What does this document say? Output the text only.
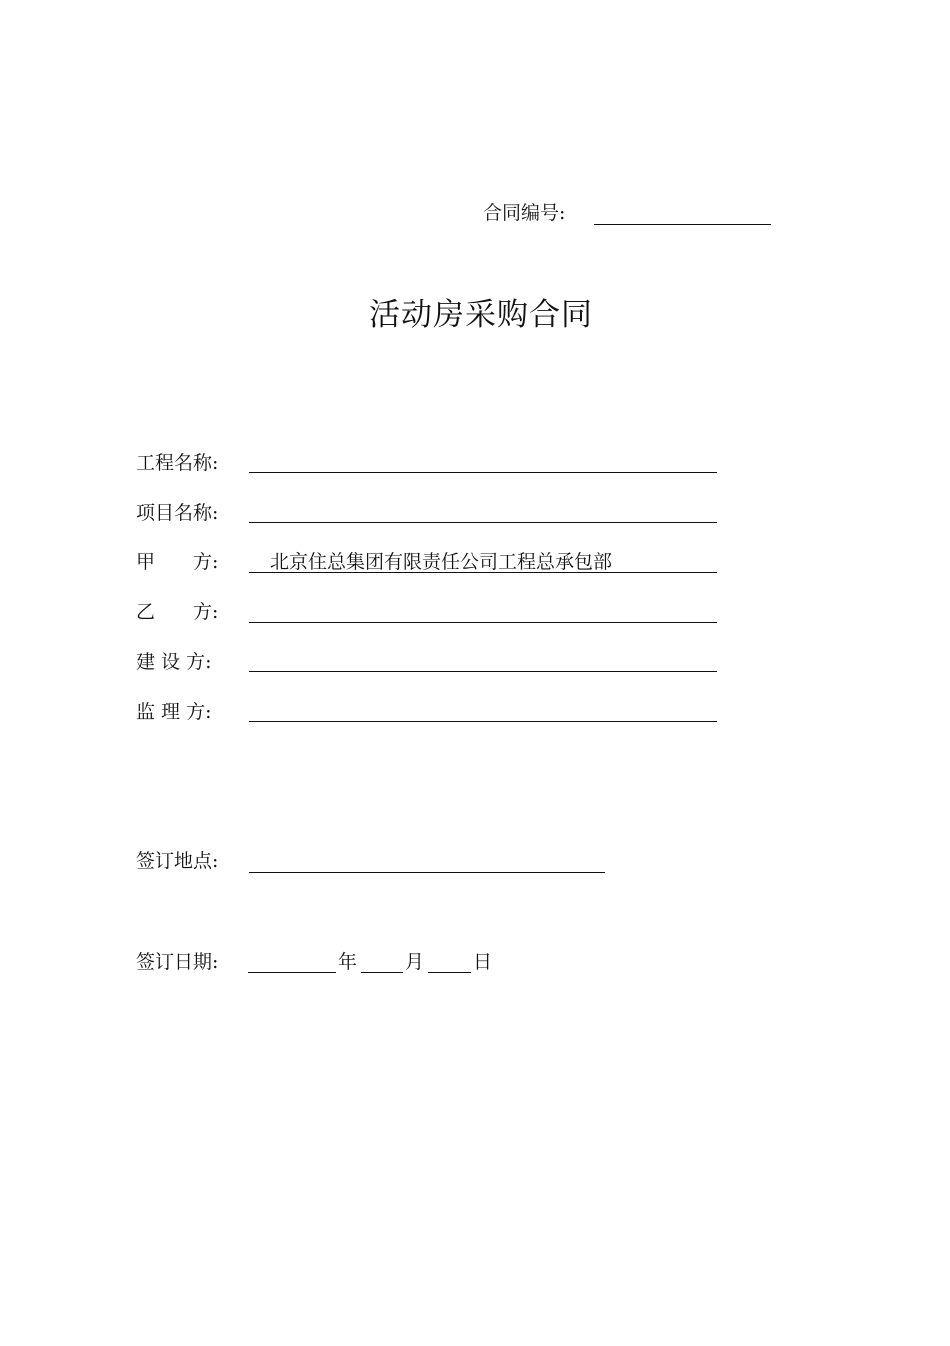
合同编号:
活动房采购合同
工程名称:
项目名称:
甲　　方:	北京住总集团有限责任公司工程总承包部
乙　　方:
建 设 方:
监 理 方:
签订地点:
签订日期:	年	月	日
